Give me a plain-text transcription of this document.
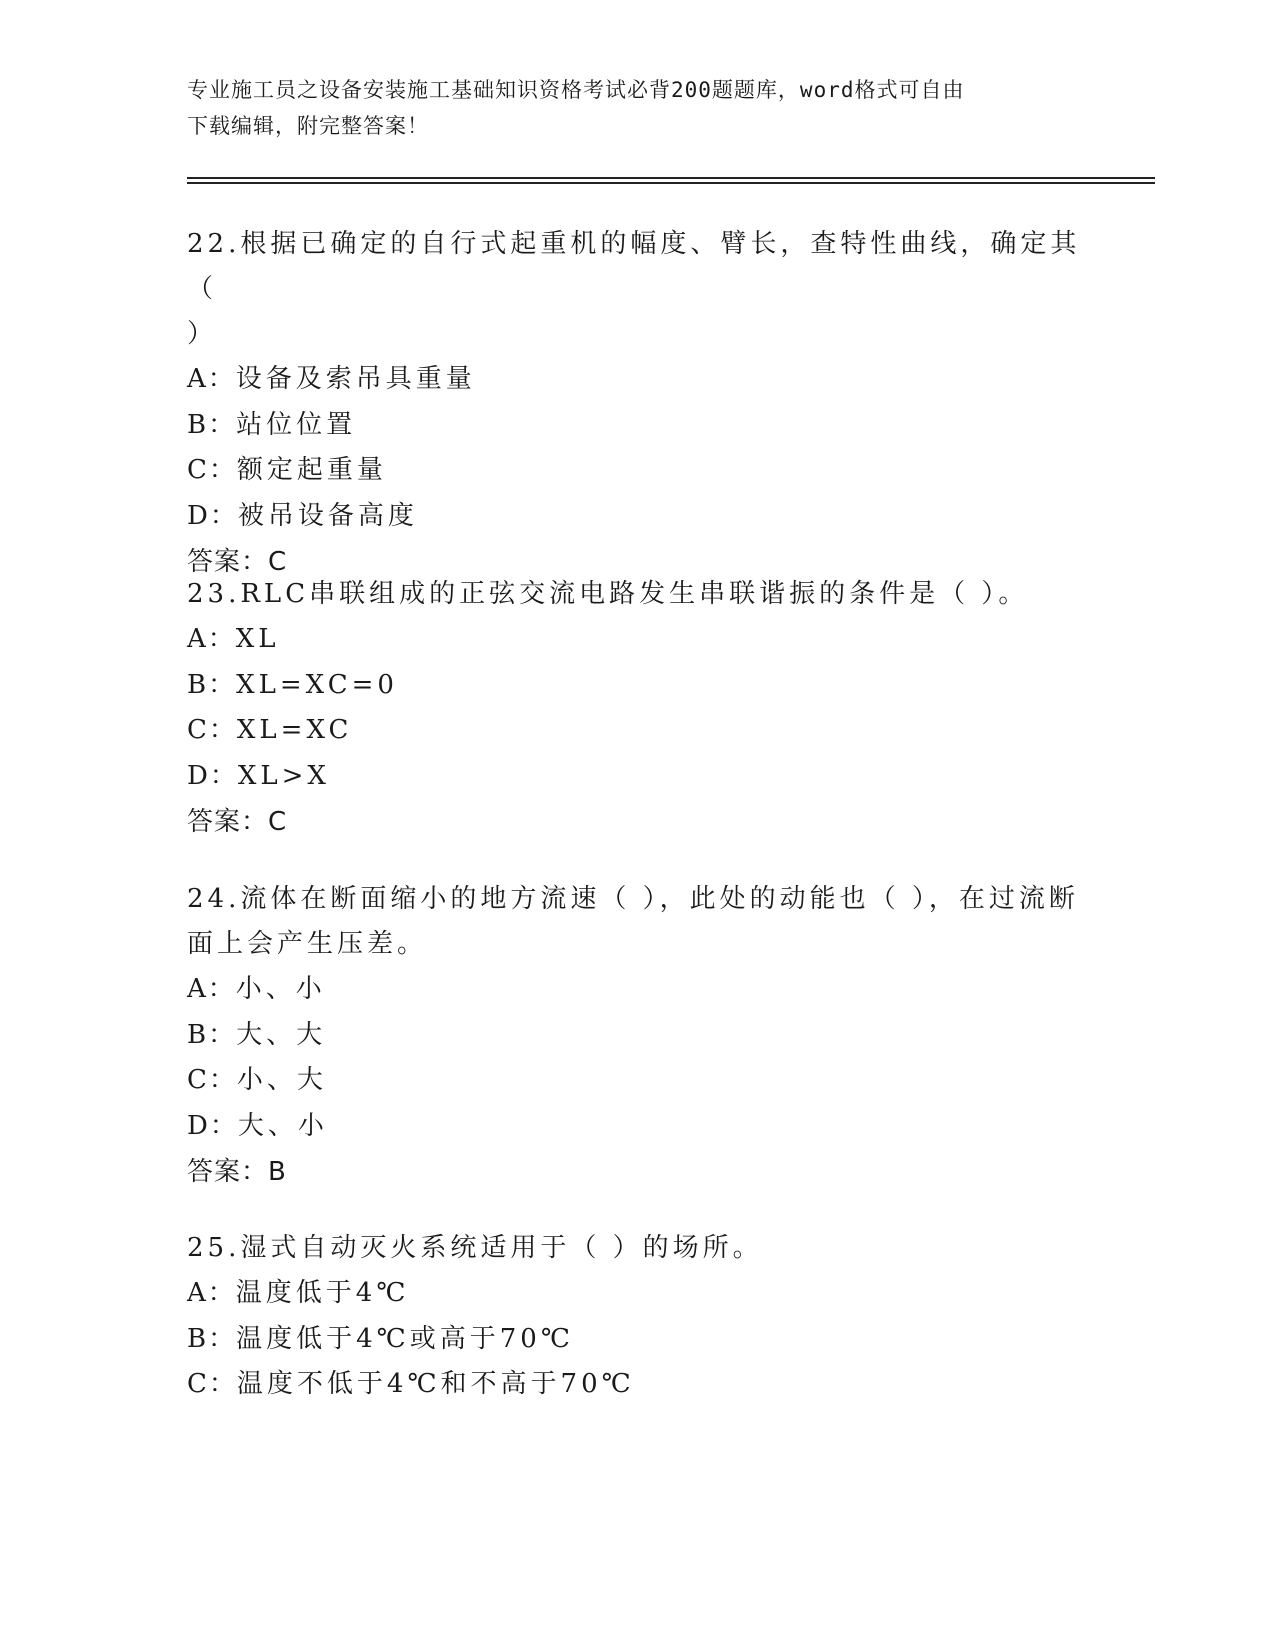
专业施工员之设备安装施工基础知识资格考试必背200题题库，word格式可自由
下载编辑，附完整答案！

22.根据已确定的自行式起重机的幅度、臂长，查特性曲线，确定其（

）

A：设备及索吊具重量

B：站位位置

C：额定起重量

D：被吊设备高度

答案：C

23.RLC串联组成的正弦交流电路发生串联谐振的条件是（ ）。

A：XL

B：XL=XC=0

C：XL=XC

D：XL>X

答案：C

24.流体在断面缩小的地方流速（ ），此处的动能也（ ），在过流断

面上会产生压差。

A：小、小

B：大、大

C：小、大

D：大、小

答案：B

25.湿式自动灭火系统适用于（ ）的场所。

A：温度低于4℃

B：温度低于4℃或高于70℃

C：温度不低于4℃和不高于70℃
